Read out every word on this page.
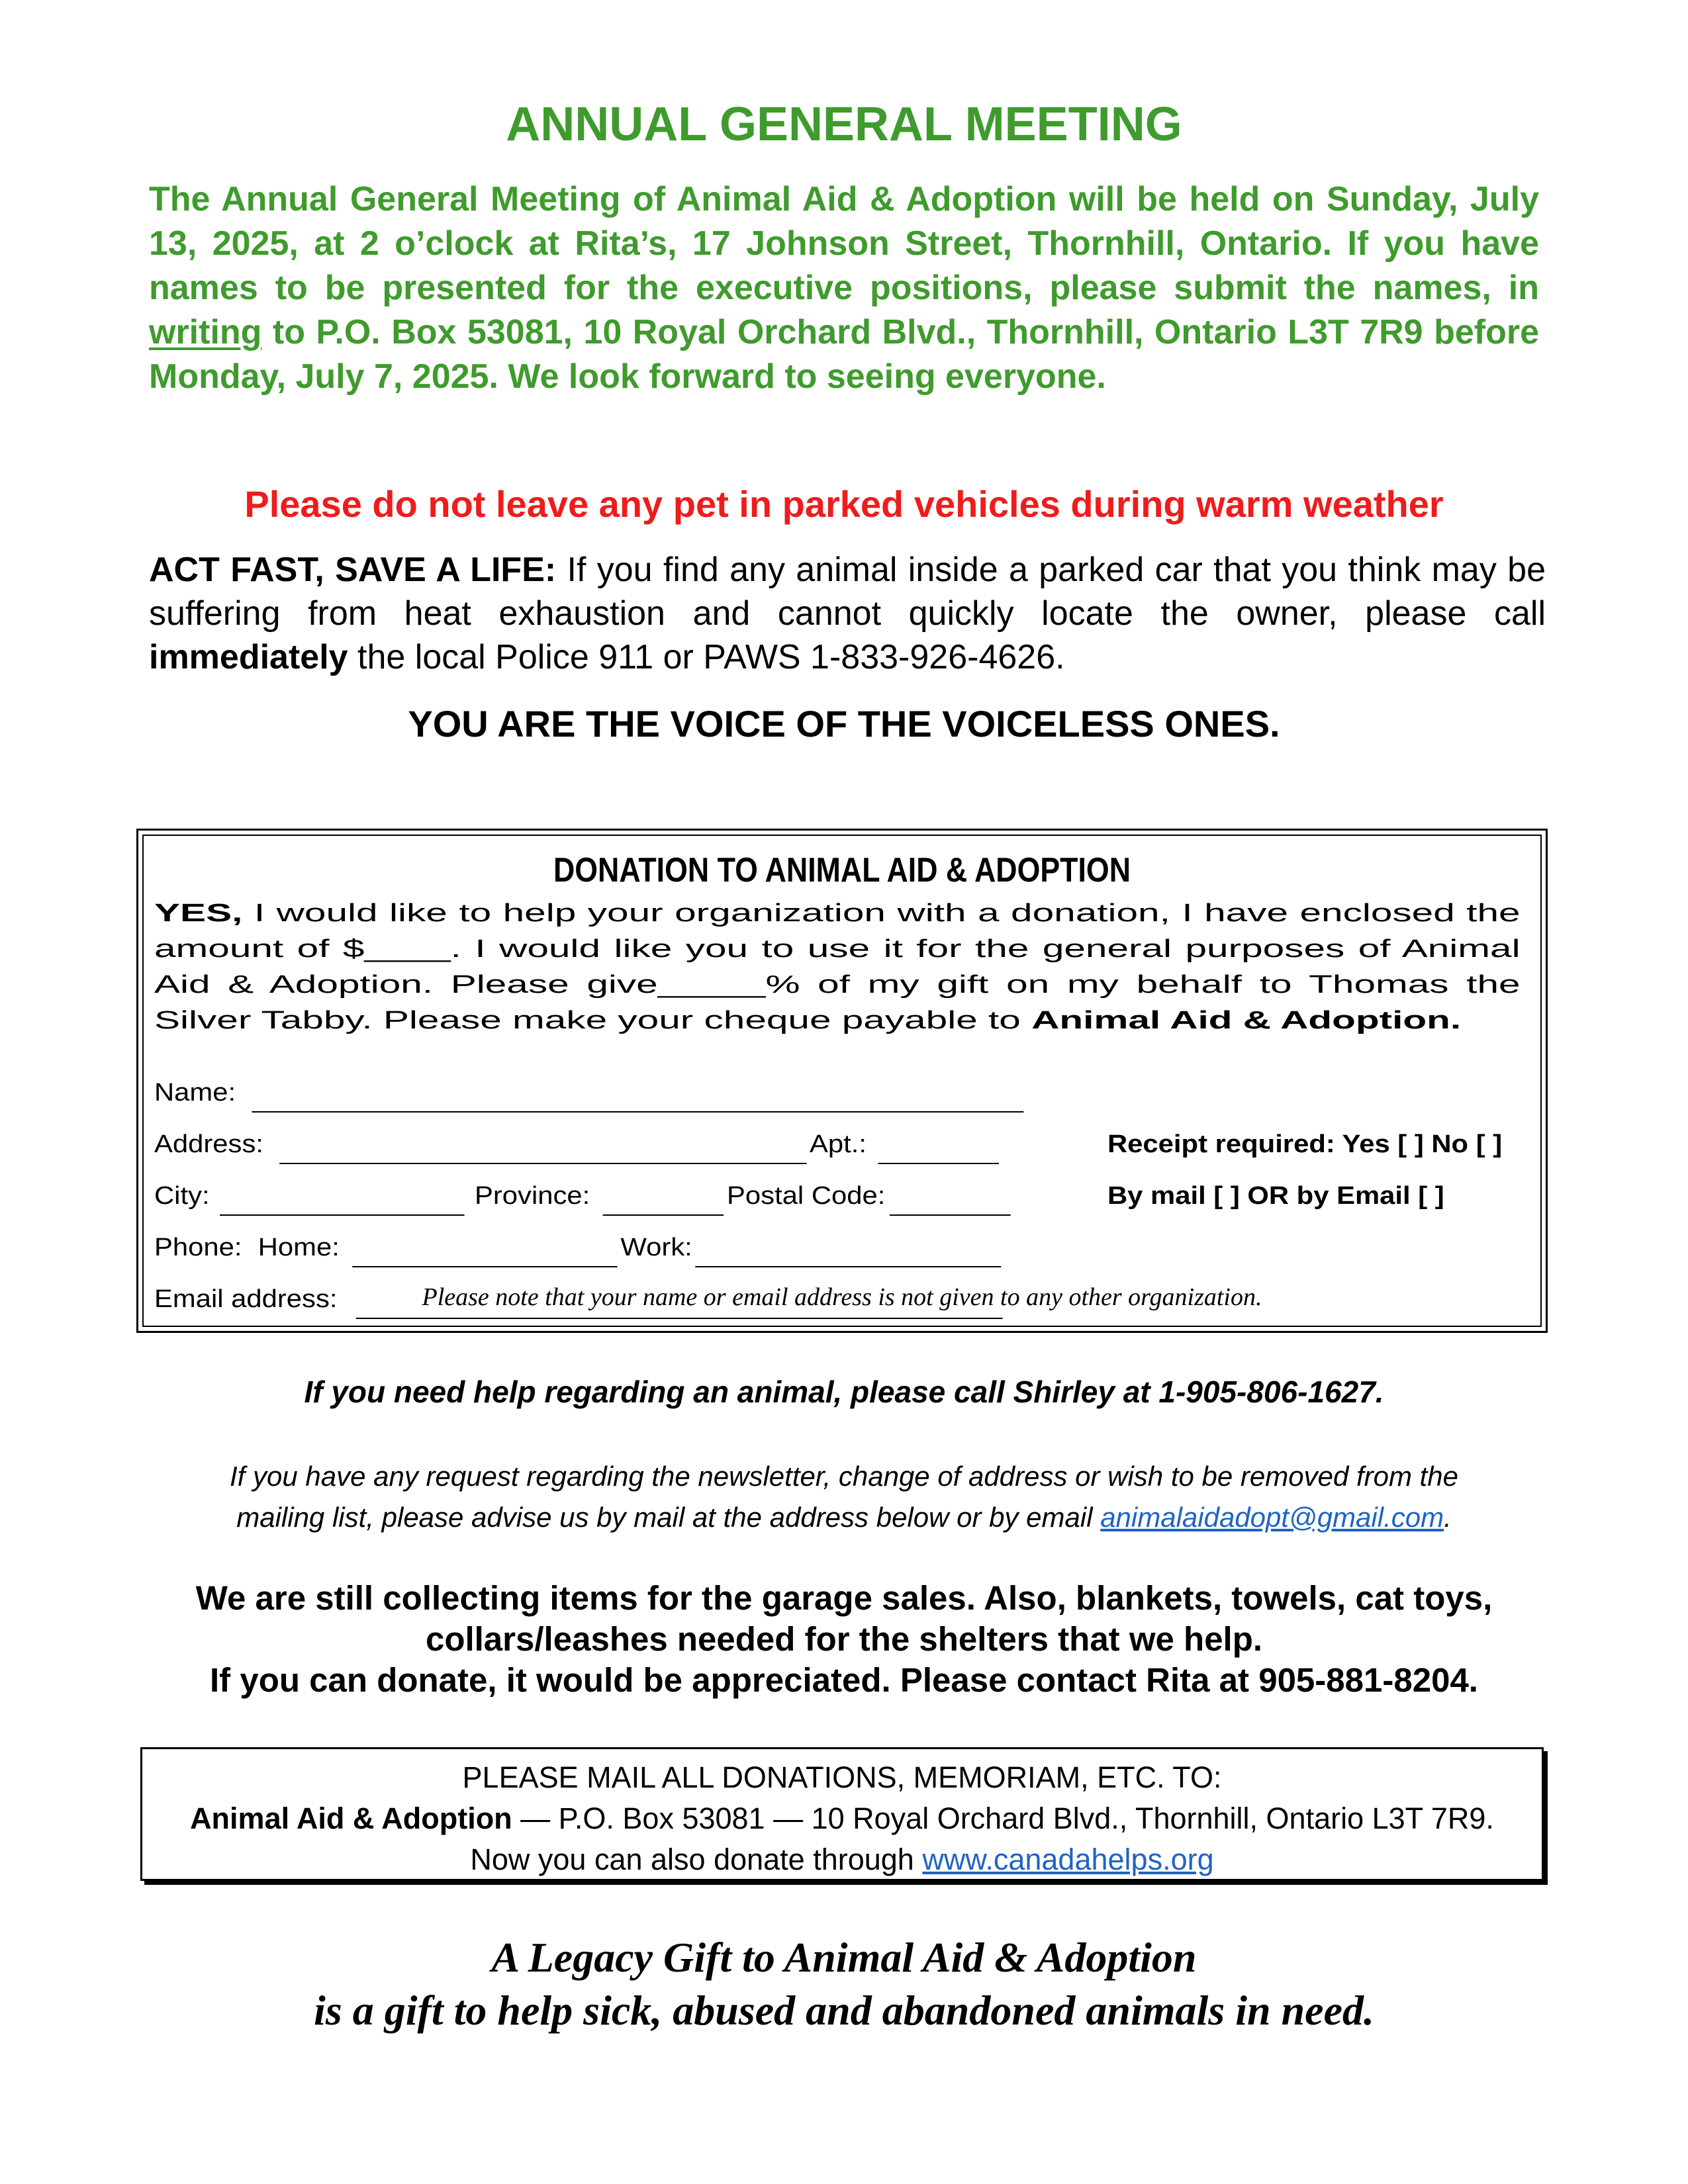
ANNUAL GENERAL MEETING
The Annual General Meeting of Animal Aid & Adoption will be held on Sunday, July 13, 2025, at 2 o’clock at Rita’s, 17 Johnson Street, Thornhill, Ontario. If you have names to be presented for the executive positions, please submit the names, in writing to P.O. Box 53081, 10 Royal Orchard Blvd., Thornhill, Ontario L3T 7R9 before Monday, July 7, 2025. We look forward to seeing everyone.
Please do not leave any pet in parked vehicles during warm weather
ACT FAST, SAVE A LIFE: If you find any animal inside a parked car that you think may be suffering from heat exhaustion and cannot quickly locate the owner, please call immediately the local Police 911 or PAWS 1-833-926-4626.
YOU ARE THE VOICE OF THE VOICELESS ONES.
DONATION TO ANIMAL AID & ADOPTION
YES, I would like to help your organization with a donation, I have enclosed the amount of $____. I would like you to use it for the general purposes of Animal Aid & Adoption. Please give_____% of my gift on my behalf to Thomas the Silver Tabby. Please make your cheque payable to Animal Aid & Adoption.
Name:
Address:	Apt.:
City:	Province:	Postal Code:
Phone: Home:	Work:
Email address:
Receipt required: Yes [ ] No [ ]
By mail [ ] OR by Email [ ]
Please note that your name or email address is not given to any other organization.
If you need help regarding an animal, please call Shirley at 1-905-806-1627.
If you have any request regarding the newsletter, change of address or wish to be removed from the
mailing list, please advise us by mail at the address below or by email animalaidadopt@gmail.com.
We are still collecting items for the garage sales. Also, blankets, towels, cat toys,
collars/leashes needed for the shelters that we help.
If you can donate, it would be appreciated. Please contact Rita at 905-881-8204.
PLEASE MAIL ALL DONATIONS, MEMORIAM, ETC. TO:
Animal Aid & Adoption — P.O. Box 53081 — 10 Royal Orchard Blvd., Thornhill, Ontario L3T 7R9.
Now you can also donate through www.canadahelps.org
A Legacy Gift to Animal Aid & Adoption
is a gift to help sick, abused and abandoned animals in need.
